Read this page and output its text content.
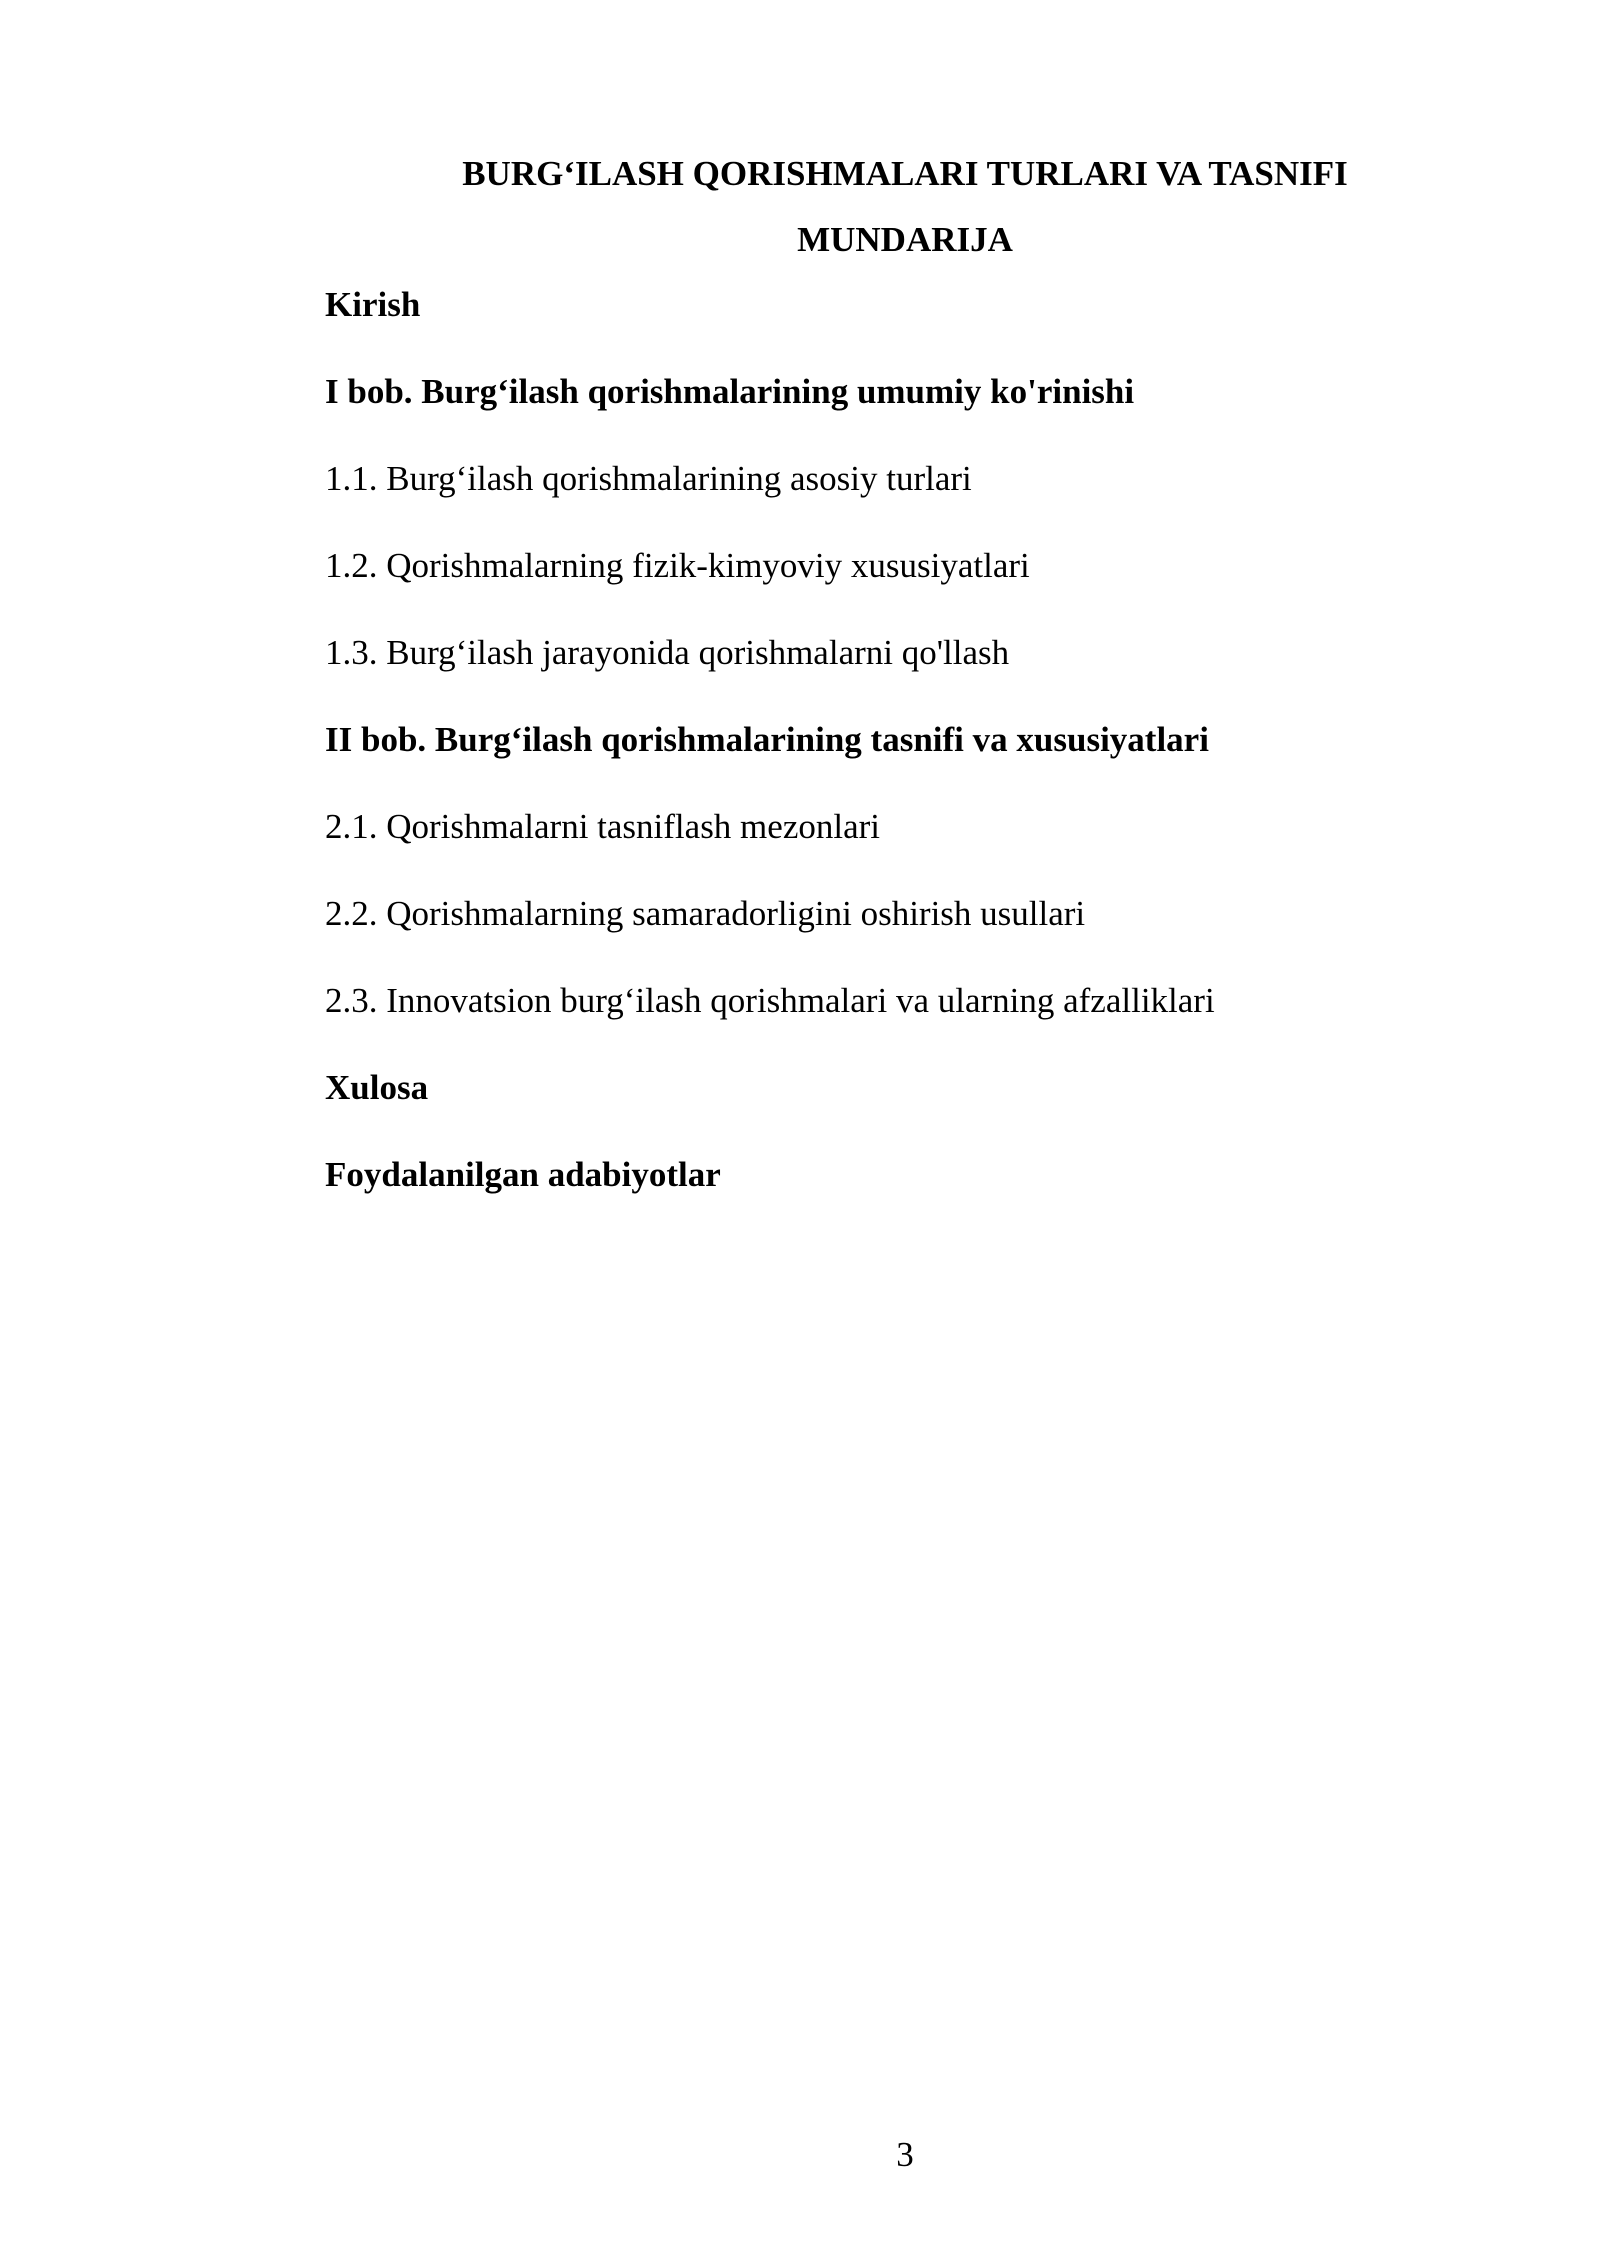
BURG‘ILASH QORISHMALARI TURLARI VA TASNIFI
MUNDARIJA
Kirish
I bob. Burg‘ilash qorishmalarining umumiy ko'rinishi
1.1. Burg‘ilash qorishmalarining asosiy turlari
1.2. Qorishmalarning fizik-kimyoviy xususiyatlari
1.3. Burg‘ilash jarayonida qorishmalarni qo'llash
II bob. Burg‘ilash qorishmalarining tasnifi va xususiyatlari
2.1. Qorishmalarni tasniflash mezonlari
2.2. Qorishmalarning samaradorligini oshirish usullari
2.3. Innovatsion burg‘ilash qorishmalari va ularning afzalliklari
Xulosa
Foydalanilgan adabiyotlar
3
